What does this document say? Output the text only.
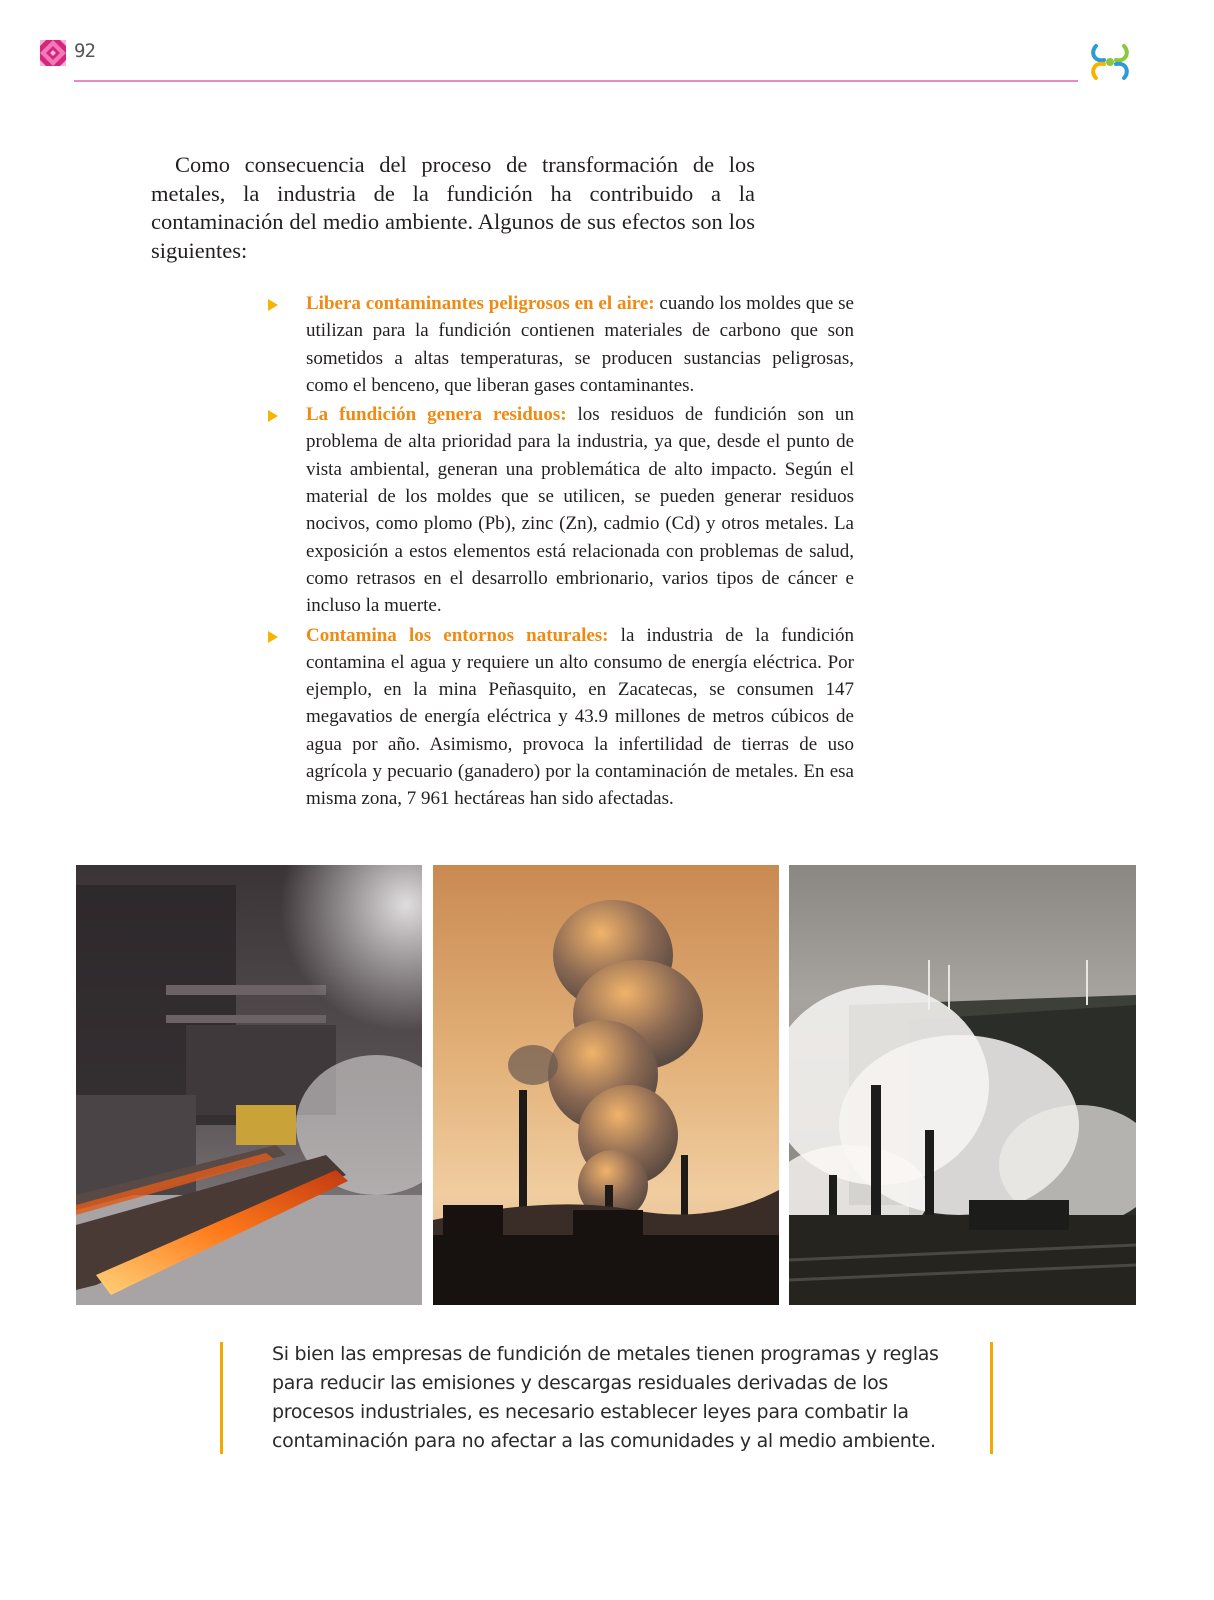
92

Como consecuencia del proceso de transformación de los metales, la industria de la fundición ha contribuido a la contaminación del medio ambiente. Algunos de sus efectos son los siguientes:

Libera contaminantes peligrosos en el aire: cuando los moldes que se utilizan para la fundición contienen materiales de carbono que son sometidos a altas temperaturas, se producen sustancias peligrosas, como el benceno, que liberan gases contaminantes.
La fundición genera residuos: los residuos de fundición son un problema de alta prioridad para la industria, ya que, desde el punto de vista ambiental, generan una problemática de alto impacto. Según el material de los moldes que se utilicen, se pueden generar residuos nocivos, como plomo (Pb), zinc (Zn), cadmio (Cd) y otros metales. La exposición a estos elementos está relacionada con problemas de salud, como retrasos en el desarrollo embrionario, varios tipos de cáncer e incluso la muerte.
Contamina los entornos naturales: la industria de la fundición contamina el agua y requiere un alto consumo de energía eléctrica. Por ejemplo, en la mina Peñasquito, en Zacatecas, se consumen 147 megavatios de energía eléctrica y 43.9 millones de metros cúbicos de agua por año. Asimismo, provoca la infertilidad de tierras de uso agrícola y pecuario (ganadero) por la contaminación de metales. En esa misma zona, 7 961 hectáreas han sido afectadas.

Si bien las empresas de fundición de metales tienen programas y reglas para reducir las emisiones y descargas residuales derivadas de los procesos industriales, es necesario establecer leyes para combatir la contaminación para no afectar a las comunidades y al medio ambiente.
